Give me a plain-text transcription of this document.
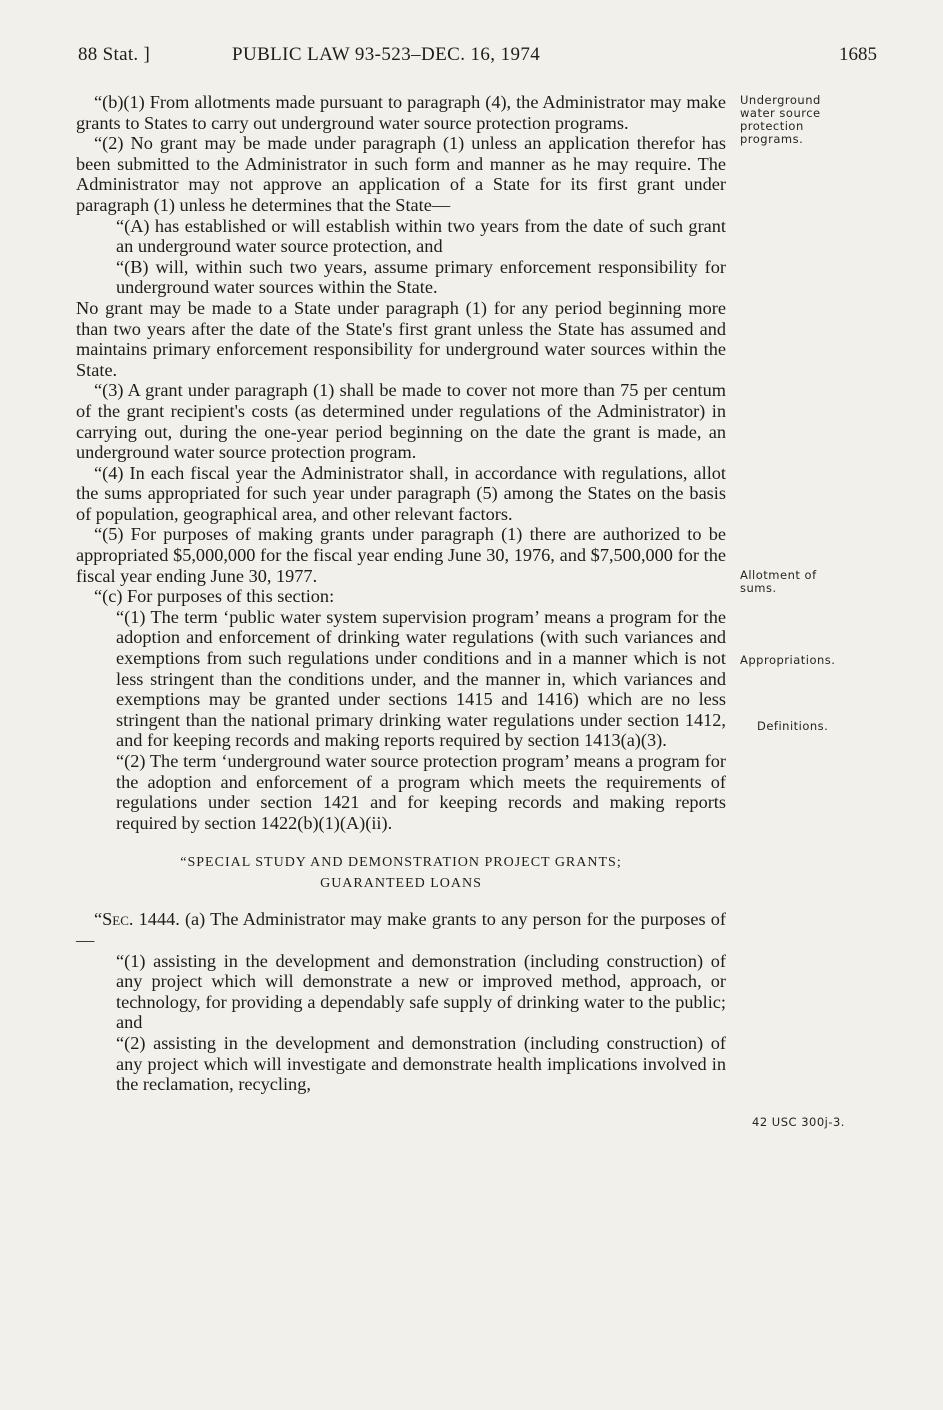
88 Stat. ]	PUBLIC LAW 93-523–DEC. 16, 1974	1685
Underground water source protection programs.
Allotment of sums.
Appropriations.
Definitions.
42 USC 300j-3.

“(b)(1) From allotments made pursuant to paragraph (4), the Administrator may make grants to States to carry out underground water source protection programs.

“(2) No grant may be made under paragraph (1) unless an application therefor has been submitted to the Administrator in such form and manner as he may require. The Administrator may not approve an application of a State for its first grant under paragraph (1) unless he determines that the State—

“(A) has established or will establish within two years from the date of such grant an underground water source protection, and

“(B) will, within such two years, assume primary enforcement responsibility for underground water sources within the State.

No grant may be made to a State under paragraph (1) for any period beginning more than two years after the date of the State's first grant unless the State has assumed and maintains primary enforcement responsibility for underground water sources within the State.

“(3) A grant under paragraph (1) shall be made to cover not more than 75 per centum of the grant recipient's costs (as determined under regulations of the Administrator) in carrying out, during the one-year period beginning on the date the grant is made, an underground water source protection program.

“(4) In each fiscal year the Administrator shall, in accordance with regulations, allot the sums appropriated for such year under paragraph (5) among the States on the basis of population, geographical area, and other relevant factors.

“(5) For purposes of making grants under paragraph (1) there are authorized to be appropriated $5,000,000 for the fiscal year ending June 30, 1976, and $7,500,000 for the fiscal year ending June 30, 1977.

“(c) For purposes of this section:

“(1) The term ‘public water system supervision program’ means a program for the adoption and enforcement of drinking water regulations (with such variances and exemptions from such regulations under conditions and in a manner which is not less stringent than the conditions under, and the manner in, which variances and exemptions may be granted under sections 1415 and 1416) which are no less stringent than the national primary drinking water regulations under section 1412, and for keeping records and making reports required by section 1413(a)(3).

“(2) The term ‘underground water source protection program’ means a program for the adoption and enforcement of a program which meets the requirements of regulations under section 1421 and for keeping records and making reports required by section 1422(b)(1)(A)(ii).

“SPECIAL STUDY AND DEMONSTRATION PROJECT GRANTS;
GUARANTEED LOANS

“Sec. 1444. (a) The Administrator may make grants to any person for the purposes of—

“(1) assisting in the development and demonstration (including construction) of any project which will demonstrate a new or improved method, approach, or technology, for providing a dependably safe supply of drinking water to the public; and

“(2) assisting in the development and demonstration (including construction) of any project which will investigate and demonstrate health implications involved in the reclamation, recycling,
